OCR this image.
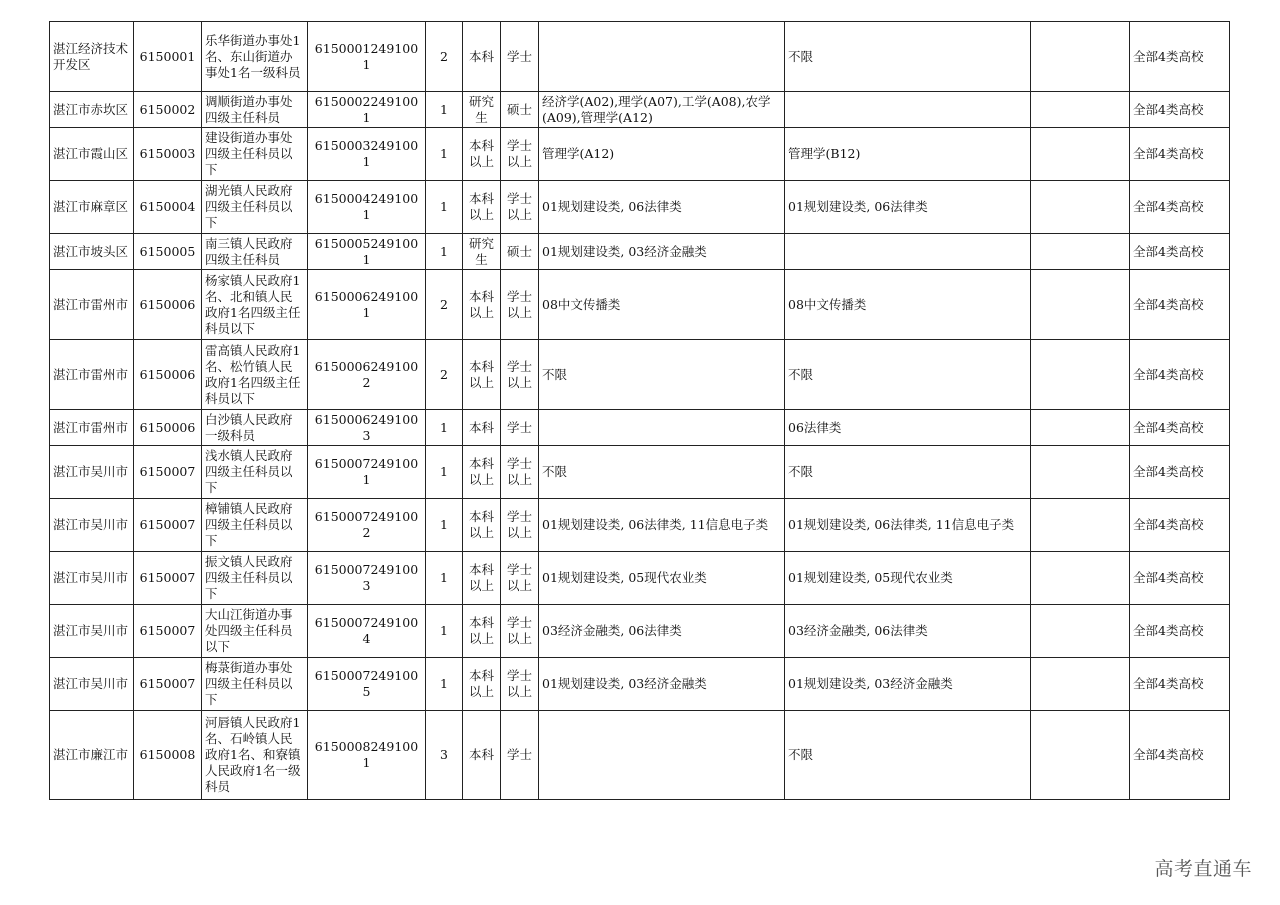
湛江经济技术开发区	6150001	乐华街道办事处1名、东山街道办事处1名一级科员	61500012491001	2	本科	学士		不限		全部4类高校
湛江市赤坎区	6150002	调顺街道办事处四级主任科员	61500022491001	1	研究生	硕士	经济学(A02),理学(A07),工学(A08),农学(A09),管理学(A12)			全部4类高校
湛江市霞山区	6150003	建设街道办事处四级主任科员以下	61500032491001	1	本科以上	学士以上	管理学(A12)	管理学(B12)		全部4类高校
湛江市麻章区	6150004	湖光镇人民政府四级主任科员以下	61500042491001	1	本科以上	学士以上	01规划建设类, 06法律类	01规划建设类, 06法律类		全部4类高校
湛江市坡头区	6150005	南三镇人民政府四级主任科员	61500052491001	1	研究生	硕士	01规划建设类, 03经济金融类			全部4类高校
湛江市雷州市	6150006	杨家镇人民政府1名、北和镇人民政府1名四级主任科员以下	61500062491001	2	本科以上	学士以上	08中文传播类	08中文传播类		全部4类高校
湛江市雷州市	6150006	雷高镇人民政府1名、松竹镇人民政府1名四级主任科员以下	61500062491002	2	本科以上	学士以上	不限	不限		全部4类高校
湛江市雷州市	6150006	白沙镇人民政府一级科员	61500062491003	1	本科	学士		06法律类		全部4类高校
湛江市吴川市	6150007	浅水镇人民政府四级主任科员以下	61500072491001	1	本科以上	学士以上	不限	不限		全部4类高校
湛江市吴川市	6150007	樟铺镇人民政府四级主任科员以下	61500072491002	1	本科以上	学士以上	01规划建设类, 06法律类, 11信息电子类	01规划建设类, 06法律类, 11信息电子类		全部4类高校
湛江市吴川市	6150007	振文镇人民政府四级主任科员以下	61500072491003	1	本科以上	学士以上	01规划建设类, 05现代农业类	01规划建设类, 05现代农业类		全部4类高校
湛江市吴川市	6150007	大山江街道办事处四级主任科员以下	61500072491004	1	本科以上	学士以上	03经济金融类, 06法律类	03经济金融类, 06法律类		全部4类高校
湛江市吴川市	6150007	梅菉街道办事处四级主任科员以下	61500072491005	1	本科以上	学士以上	01规划建设类, 03经济金融类	01规划建设类, 03经济金融类		全部4类高校
湛江市廉江市	6150008	河唇镇人民政府1名、石岭镇人民政府1名、和寮镇人民政府1名一级科员	61500082491001	3	本科	学士		不限		全部4类高校
高考直通车
